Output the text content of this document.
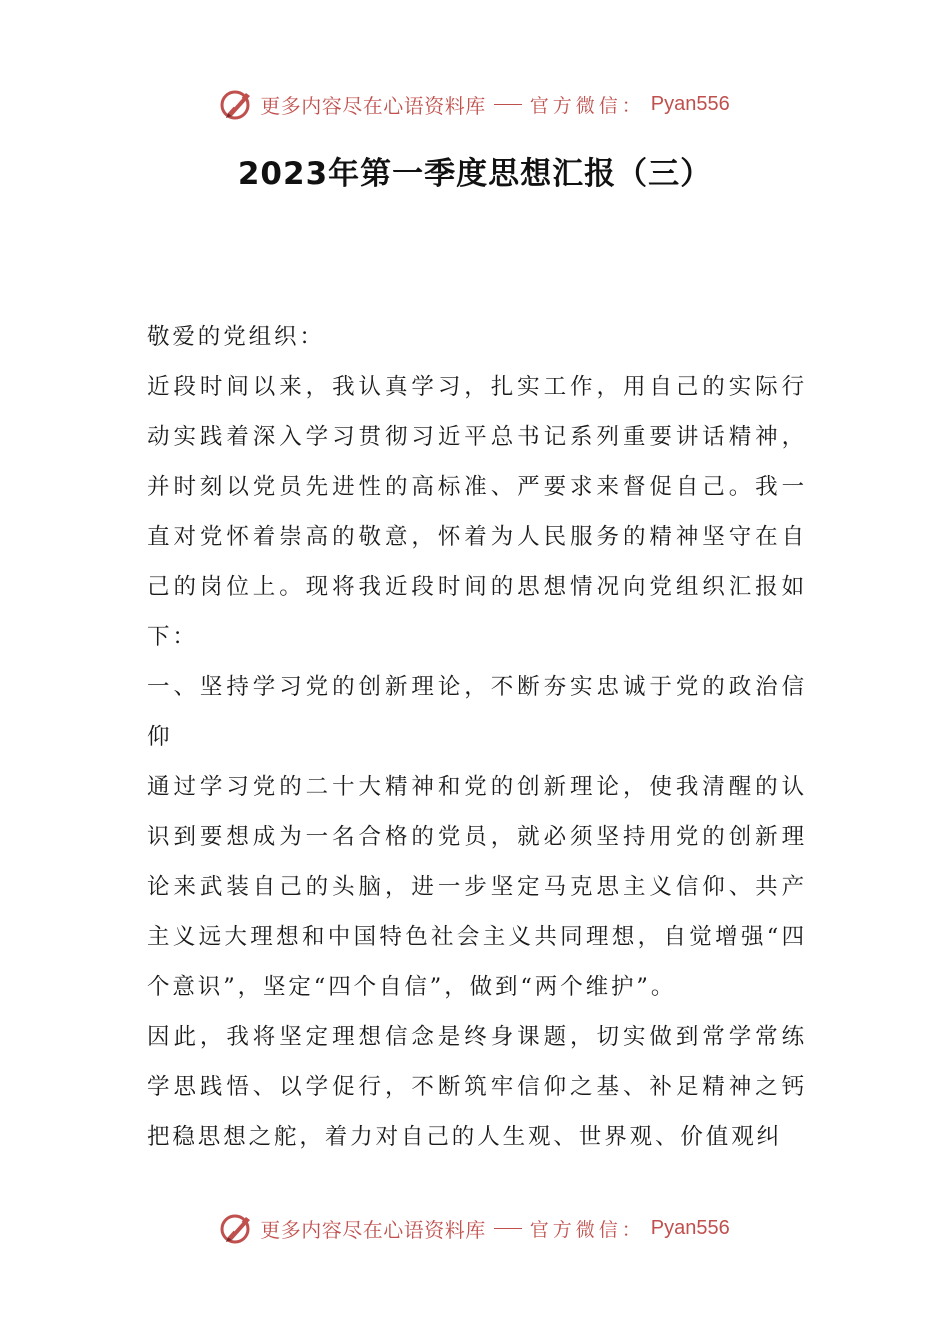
更多内容尽在心语资料库 官方微信： Pyan556
2023年第一季度思想汇报（三）

敬爱的党组织：

近段时间以来，我认真学习，扎实工作，用自己的实际行动实践着深入学习贯彻习近平总书记系列重要讲话精神，并时刻以党员先进性的高标准、严要求来督促自己。我一直对党怀着崇高的敬意，怀着为人民服务的精神坚守在自己的岗位上。现将我近段时间的思想情况向党组织汇报如下：

一、坚持学习党的创新理论，不断夯实忠诚于党的政治信仰

通过学习党的二十大精神和党的创新理论，使我清醒的认识到要想成为一名合格的党员，就必须坚持用党的创新理论来武装自己的头脑，进一步坚定马克思主义信仰、共产主义远大理想和中国特色社会主义共同理想，自觉增强“四个意识”，坚定“四个自信”，做到“两个维护”。

因此，我将坚定理想信念是终身课题，切实做到常学常练学思践悟、以学促行，不断筑牢信仰之基、补足精神之钙把稳思想之舵，着力对自己的人生观、世界观、价值观纠

更多内容尽在心语资料库 官方微信： Pyan556
